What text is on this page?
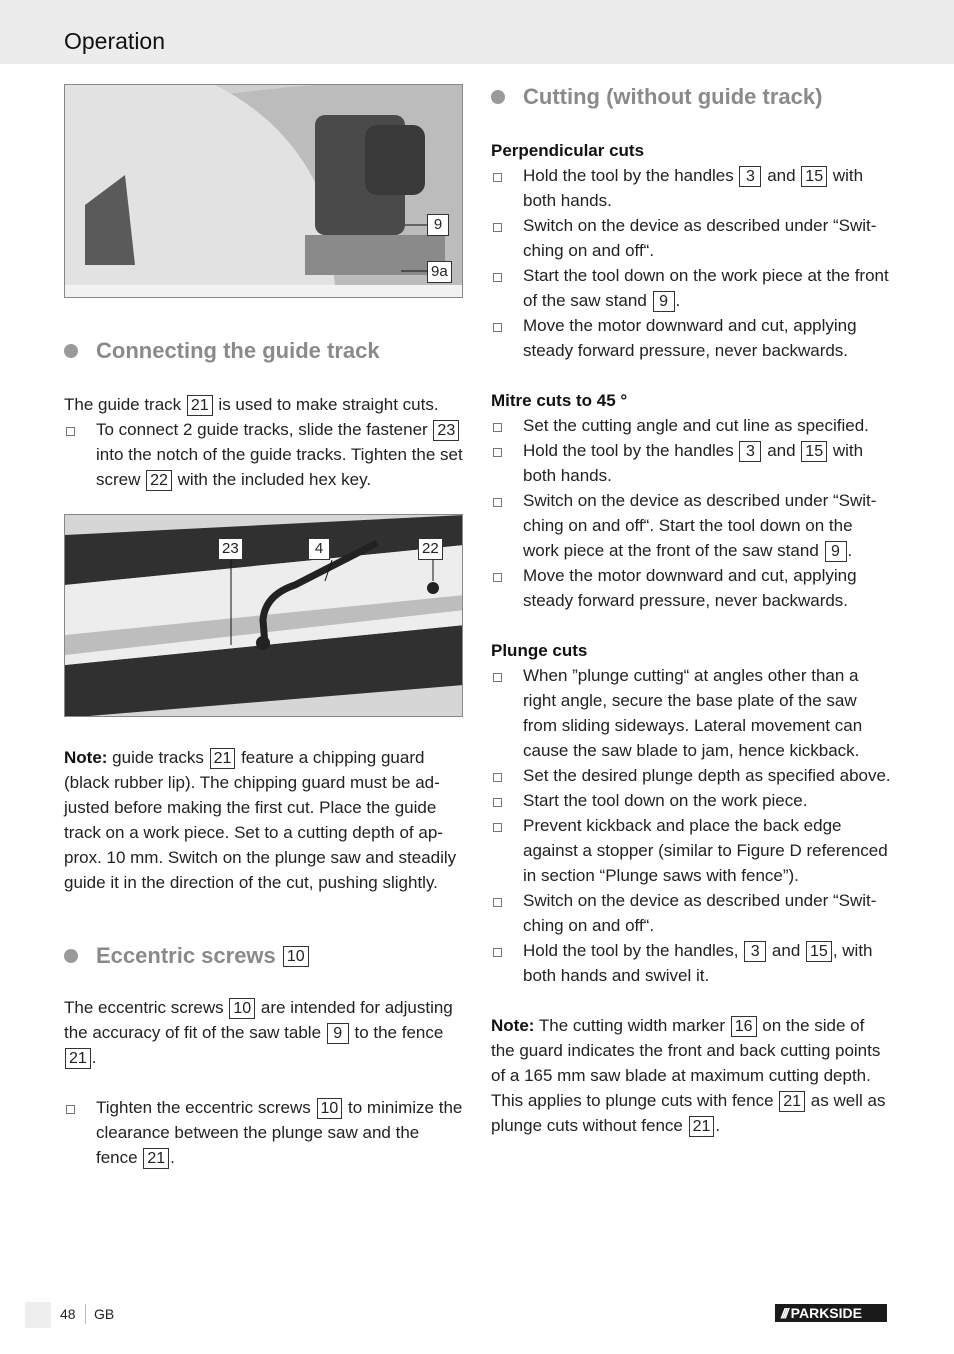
Operation
9
9a
Connecting the guide track

The guide track 21 is used to make straight cuts.

To connect 2 guide tracks, slide the fastener 23 into the notch of the guide tracks. Tighten the set screw 22 with the included hex key.
23	4	22

Note: guide tracks 21 feature a chipping guard (black rubber lip). The chipping guard must be ad-justed before making the first cut. Place the guide track on a work piece. Set to a cutting depth of ap-prox. 10 mm. Switch on the plunge saw and steadily guide it in the direction of the cut, pushing slightly.

Eccentric screws
10

The eccentric screws 10 are intended for adjusting the accuracy of fit of the saw table 9 to the fence 21 .

Tighten the eccentric screws 10 to minimize the clearance between the plunge saw and the fence 21 .
Cutting (without guide track)
Perpendicular cuts
Hold the tool by the handles 3 and 15 with both hands.
Switch on the device as described under “Swit-ching on and off“.
Start the tool down on the work piece at the front of the saw stand 9 .
Move the motor downward and cut, applying steady forward pressure, never backwards.
Mitre cuts to 45 °
Set the cutting angle and cut line as specified.
Hold the tool by the handles 3 and 15 with both hands.
Switch on the device as described under “Swit-ching on and off“. Start the tool down on the work piece at the front of the saw stand 9 .
Move the motor downward and cut, applying steady forward pressure, never backwards.
Plunge cuts
When ”plunge cutting“ at angles other than a right angle, secure the base plate of the saw from sliding sideways. Lateral movement can cause the saw blade to jam, hence kickback.
Set the desired plunge depth as specified above.
Start the tool down on the work piece.
Prevent kickback and place the back edge against a stopper (similar to Figure D referenced in section “Plunge saws with fence”).
Switch on the device as described under “Swit-ching on and off“.
Hold the tool by the handles, 3 and 15 , with both hands and swivel it.

Note: The cutting width marker 16 on the side of the guard indicates the front and back cutting points of a 165 mm saw blade at maximum cutting depth. This applies to plunge cuts with fence 21 as well as plunge cuts without fence 21 .

48 GB	/// PARKSIDE
